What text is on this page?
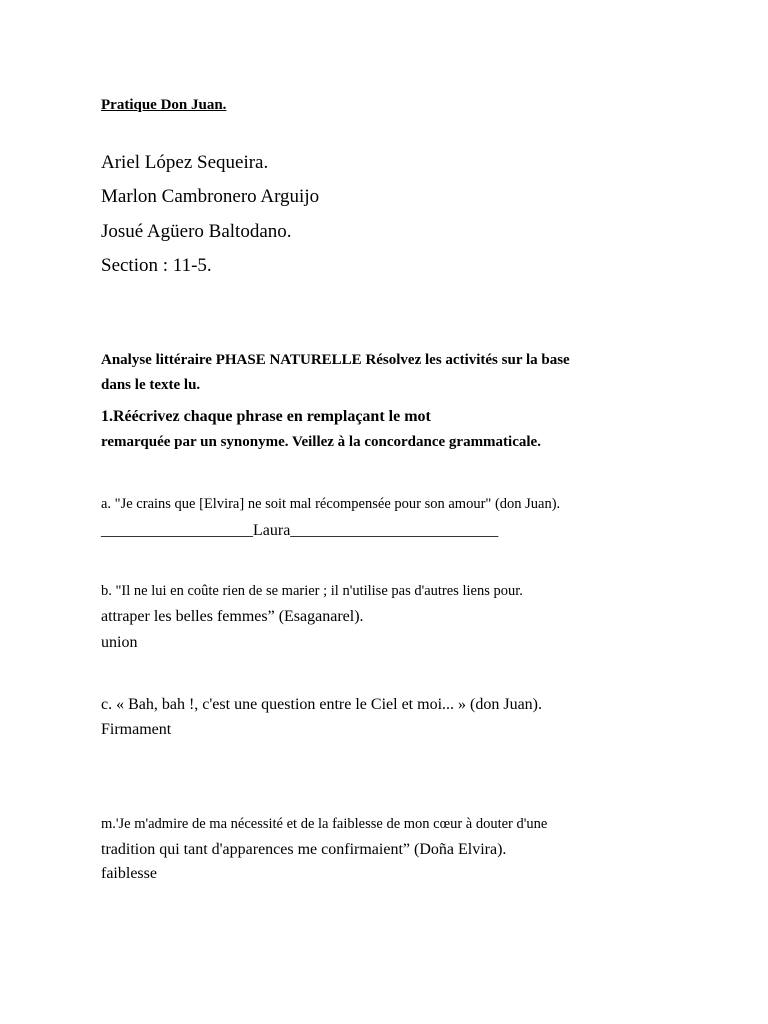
Pratique Don Juan.
Ariel López Sequeira.
Marlon Cambronero Arguijo
Josué Agüero Baltodano.
Section : 11-5.
Analyse littéraire PHASE NATURELLE Résolvez les activités sur la base
dans le texte lu.
1.Réécrivez chaque phrase en remplaçant le mot
remarquée par un synonyme. Veillez à la concordance grammaticale.
a. "Je crains que [Elvira] ne soit mal récompensée pour son amour" (don Juan).
___________________Laura__________________________
b. "Il ne lui en coûte rien de se marier ; il n'utilise pas d'autres liens pour.
attraper les belles femmes” (Esaganarel).
union
c. « Bah, bah !, c'est une question entre le Ciel et moi... » (don Juan).
Firmament
m.'Je m'admire de ma nécessité et de la faiblesse de mon cœur à douter d'une
tradition qui tant d'apparences me confirmaient” (Doña Elvira).
faiblesse
